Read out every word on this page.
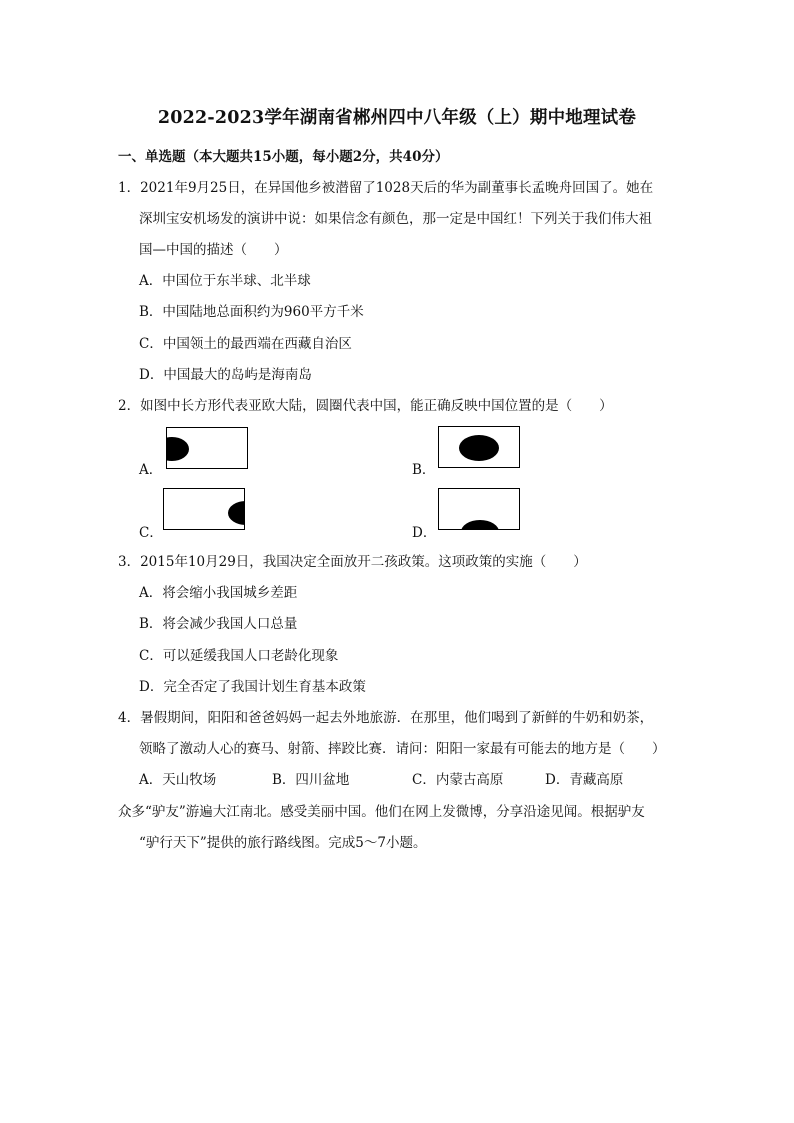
2022-2023学年湖南省郴州四中八年级（上）期中地理试卷
一、单选题（本大题共15小题，每小题2分，共40分）
1．2021年9月25日，在异国他乡被潜留了1028天后的华为副董事长孟晚舟回国了。她在
深圳宝安机场发的演讲中说：如果信念有颜色，那一定是中国红！下列关于我们伟大祖
国—中国的描述（　　）
A．中国位于东半球、北半球
B．中国陆地总面积约为960平方千米
C．中国领土的最西端在西藏自治区
D．中国最大的岛屿是海南岛
2．如图中长方形代表亚欧大陆，圆圈代表中国，能正确反映中国位置的是（　　）
A．	B．
C．	D．
3．2015年10月29日，我国决定全面放开二孩政策。这项政策的实施（　　）
A．将会缩小我国城乡差距
B．将会减少我国人口总量
C．可以延缓我国人口老龄化现象
D．完全否定了我国计划生育基本政策
4．暑假期间，阳阳和爸爸妈妈一起去外地旅游．在那里，他们喝到了新鲜的牛奶和奶茶，
领略了激动人心的赛马、射箭、摔跤比赛．请问：阳阳一家最有可能去的地方是（　　）
A．天山牧场	B．四川盆地	C．内蒙古高原	D．青藏高原
众多“驴友”游遍大江南北。感受美丽中国。他们在网上发微博，分享沿途见闻。根据驴友
“驴行天下”提供的旅行路线图。完成5～7小题。
